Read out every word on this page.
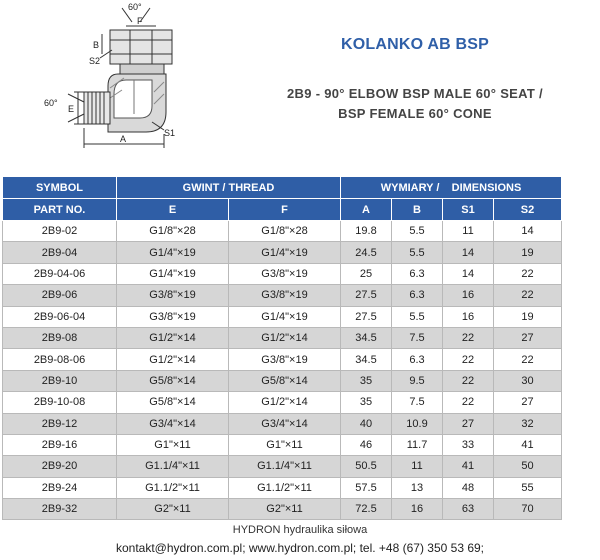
60°
F
B
S2
60°
E
S1
A
KOLANKO AB BSP
2B9 - 90° ELBOW BSP MALE 60° SEAT /
BSP FEMALE 60° CONE
SYMBOL	GWINT / THREAD		WYMIARY /    DIMENSIONS			
PART NO.	E	F	A	B	S1	S2
2B9-02	G1/8"×28	G1/8"×28	19.8	5.5	11	14
2B9-04	G1/4"×19	G1/4"×19	24.5	5.5	14	19
2B9-04-06	G1/4"×19	G3/8"×19	25	6.3	14	22
2B9-06	G3/8"×19	G3/8"×19	27.5	6.3	16	22
2B9-06-04	G3/8"×19	G1/4"×19	27.5	5.5	16	19
2B9-08	G1/2"×14	G1/2"×14	34.5	7.5	22	27
2B9-08-06	G1/2"×14	G3/8"×19	34.5	6.3	22	22
2B9-10	G5/8"×14	G5/8"×14	35	9.5	22	30
2B9-10-08	G5/8"×14	G1/2"×14	35	7.5	22	27
2B9-12	G3/4"×14	G3/4"×14	40	10.9	27	32
2B9-16	G1"×11	G1"×11	46	11.7	33	41
2B9-20	G1.1/4"×11	G1.1/4"×11	50.5	11	41	50
2B9-24	G1.1/2"×11	G1.1/2"×11	57.5	13	48	55
2B9-32	G2"×11	G2"×11	72.5	16	63	70
HYDRON hydraulika siłowa
kontakt@hydron.com.pl; www.hydron.com.pl; tel. +48 (67) 350 53 69;
